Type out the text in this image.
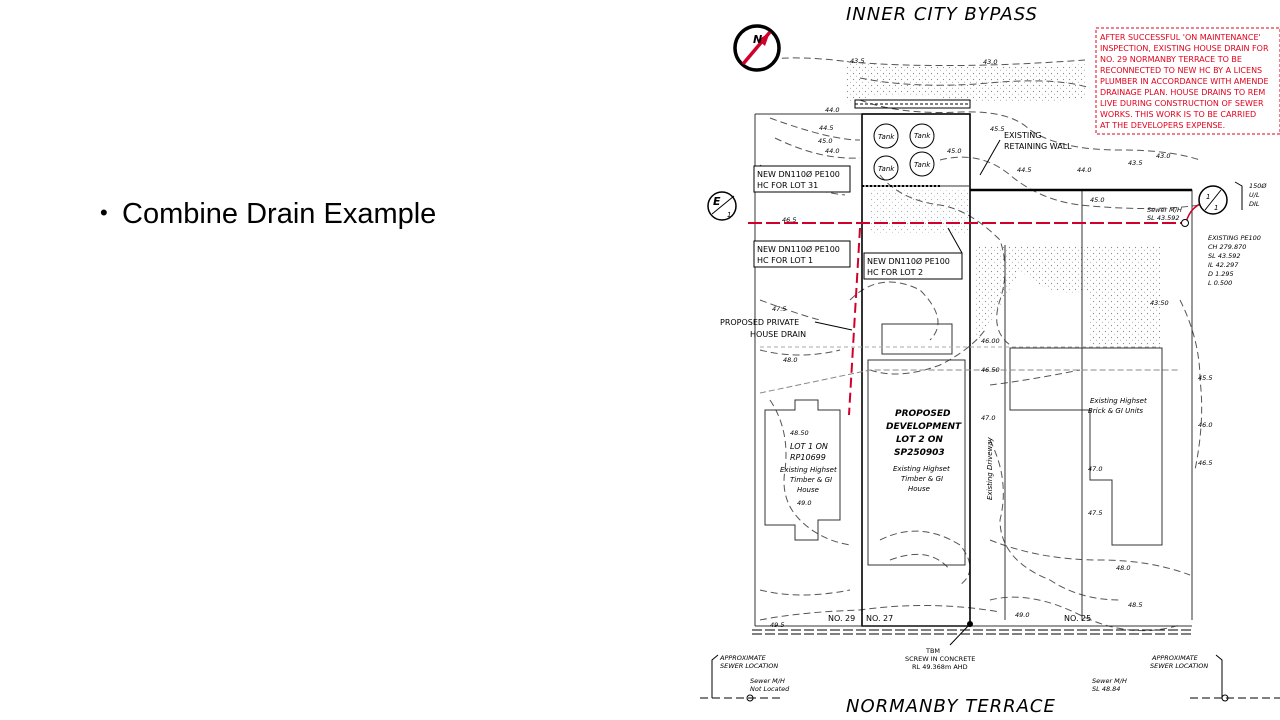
• Combine Drain Example
Tank	Tank
Tank	Tank
N
E
1
1
1
INNER CITY BYPASS
NORMANBY TERRACE
AFTER SUCCESSFUL 'ON MAINTENANCE'
INSPECTION, EXISTING HOUSE DRAIN FOR
NO. 29 NORMANBY TERRACE TO BE
RECONNECTED TO NEW HC BY A LICENS
PLUMBER IN ACCORDANCE WITH AMENDE
DRAINAGE PLAN. HOUSE DRAINS TO REM
LIVE DURING CONSTRUCTION OF SEWER
WORKS. THIS WORK IS TO BE CARRIED
AT THE DEVELOPERS EXPENSE.
NEW DN110Ø PE100
HC FOR LOT 31
NEW DN110Ø PE100
HC FOR LOT 1	NEW DN110Ø PE100
HC FOR LOT 2
EXISTING
RETAINING WALL
PROPOSED PRIVATE
HOUSE DRAIN
LOT 1 ON
RP10699
Existing Highset
Timber & GI
House
PROPOSED
DEVELOPMENT
LOT 2 ON
SP250903
Existing Highset
Timber & GI
House
Existing Highset
Brick & GI Units
Existing Driveway
Sewer M/H
SL 43.592
EXISTING PE100
CH 279.870
SL 43.592
IL 42.297
D 1.295
L 0.500
150Ø
U/L
DIL
NO. 29 NO. 27	NO. 25
TBM
SCREW IN CONCRETE
RL 49.368m AHD
APPROXIMATE
SEWER LOCATION
APPROXIMATE
SEWER LOCATION
Sewer M/H
Not Located
Sewer M/H
SL 48.84
43.5	43.0
44.0
44.5
45.0
45.0
45.5
44.5	44.0
43.5
43.0
45.0
46.5
44.0
47.5
48.0
48.50
49.0
49.5
47.0
46.50
46.00
43.50
45.5
46.0
46.5
47.0
47.5
48.0
48.5
49.0
